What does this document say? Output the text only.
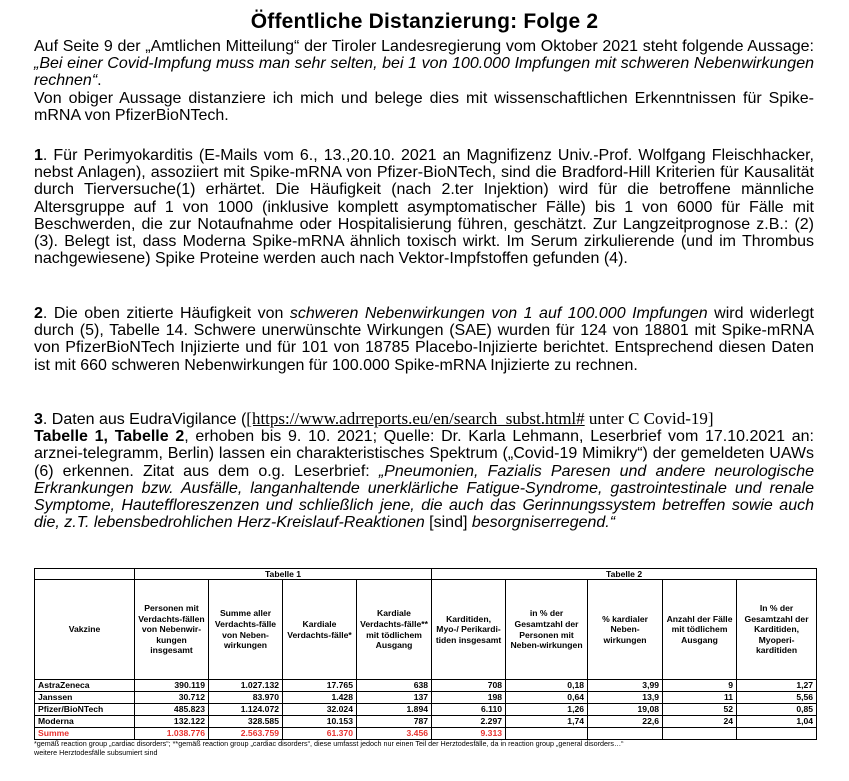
Öffentliche Distanzierung: Folge 2

Auf Seite 9 der „Amtlichen Mitteilung“ der Tiroler Landesregierung vom Oktober 2021 steht folgende Aussage: „Bei einer Covid-Impfung muss man sehr selten, bei 1 von 100.000 Impfungen mit schweren Nebenwirkungen rechnen“.
Von obiger Aussage distanziere ich mich und belege dies mit wissenschaftlichen Erkenntnissen für Spike-mRNA von PfizerBioNTech.

1. Für Perimyokarditis (E-Mails vom 6., 13.,20.10. 2021 an Magnifizenz Univ.-Prof. Wolfgang Fleischhacker, nebst Anlagen), assoziiert mit Spike-mRNA von Pfizer-BioNTech, sind die Bradford-Hill Kriterien für Kausalität durch Tierversuche(1) erhärtet. Die Häufigkeit (nach 2.ter Injektion) wird für die betroffene männliche Altersgruppe auf 1 von 1000 (inklusive komplett asymptomatischer Fälle) bis 1 von 6000 für Fälle mit Beschwerden, die zur Notaufnahme oder Hospitalisierung führen, geschätzt. Zur Langzeitprognose z.B.: (2)(3). Belegt ist, dass Moderna Spike-mRNA ähnlich toxisch wirkt. Im Serum zirkulierende (und im Thrombus nachgewiesene) Spike Proteine werden auch nach Vektor-Impfstoffen gefunden (4).

2. Die oben zitierte Häufigkeit von schweren Nebenwirkungen von 1 auf 100.000 Impfungen wird widerlegt durch (5), Tabelle 14. Schwere unerwünschte Wirkungen (SAE) wurden für 124 von 18801 mit Spike-mRNA von PfizerBioNTech Injizierte und für 101 von 18785 Placebo-Injizierte berichtet. Entsprechend diesen Daten ist mit 660 schweren Nebenwirkungen für 100.000 Spike-mRNA Injizierte zu rechnen.

3. Daten aus EudraVigilance ([https://www.adrreports.eu/en/search_subst.html# unter C Covid-19]
Tabelle 1, Tabelle 2, erhoben bis 9. 10. 2021; Quelle: Dr. Karla Lehmann, Leserbrief vom 17.10.2021 an: arznei-telegramm, Berlin) lassen ein charakteristisches Spektrum („Covid-19 Mimikry“) der gemeldeten UAWs (6) erkennen. Zitat aus dem o.g. Leserbrief: „Pneumonien, Fazialis Paresen und andere neurologische Erkrankungen bzw. Ausfälle, langanhaltende unerklärliche Fatigue-Syndrome, gastrointestinale und renale Symptome, Hauteffloreszenzen und schließlich jene, die auch das Gerinnungssystem betreffen sowie auch die, z.T. lebensbedrohlichen Herz-Kreislauf-Reaktionen [sind] besorgniserregend.“

	Tabelle 1				Tabelle 2				
Vakzine	Personen mit Verdachts-fällen von Nebenwir-kungen insgesamt	Summe aller Verdachts-fälle von Neben-wirkungen	Kardiale Verdachts-fälle*	Kardiale Verdachts-fälle** mit tödlichem Ausgang	Karditiden, Myo-/ Perikardi-tiden insgesamt	in % der Gesamtzahl der Personen mit Neben-wirkungen	% kardialer Neben-wirkungen	Anzahl der Fälle mit tödlichem Ausgang	In % der Gesamtzahl der Karditiden, Myoperi-karditiden
AstraZeneca	390.119	1.027.132	17.765	638	708	0,18	3,99	9	1,27
Janssen	30.712	83.970	1.428	137	198	0,64	13,9	11	5,56
Pfizer/BioNTech	485.823	1.124.072	32.024	1.894	6.110	1,26	19,08	52	0,85
Moderna	132.122	328.585	10.153	787	2.297	1,74	22,6	24	1,04
Summe	1.038.776	2.563.759	61.370	3.456	9.313				
*gemäß reaction group „cardiac disorders“; **gemäß reaction group „cardiac disorders“, diese umfasst jedoch nur einen Teil der Herztodesfälle, da in reaction group „general disorders…“
weitere Herztodesfälle subsumiert sind
